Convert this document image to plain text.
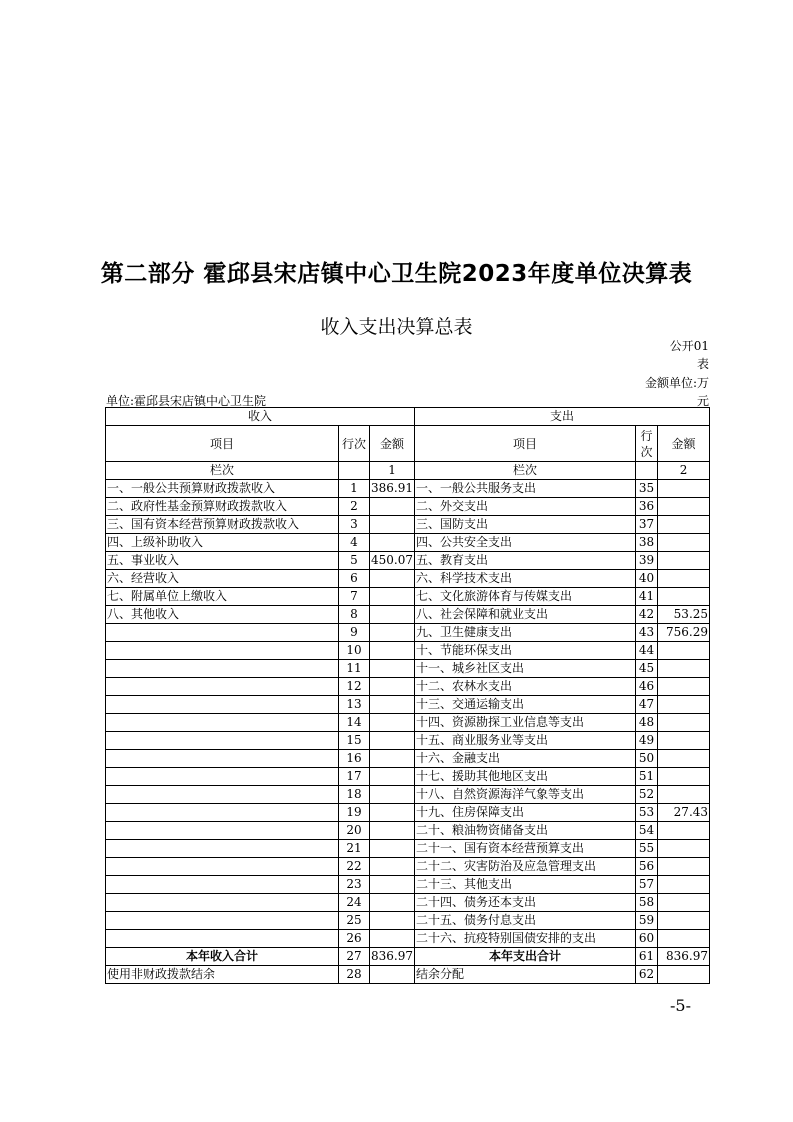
第二部分 霍邱县宋店镇中心卫生院2023年度单位决算表
收入支出决算总表
公开01
表
金额单位:万
元
单位:霍邱县宋店镇中心卫生院
收入			支出		
项目	行次	金额	项目	行次	金额
栏次		1	栏次		2
一、一般公共预算财政拨款收入	1	386.91	一、一般公共服务支出	35	
二、政府性基金预算财政拨款收入	2		二、外交支出	36	
三、国有资本经营预算财政拨款收入	3		三、国防支出	37	
四、上级补助收入	4		四、公共安全支出	38	
五、事业收入	5	450.07	五、教育支出	39	
六、经营收入	6		六、科学技术支出	40	
七、附属单位上缴收入	7		七、文化旅游体育与传媒支出	41	
八、其他收入	8		八、社会保障和就业支出	42	53.25
	9		九、卫生健康支出	43	756.29
	10		十、节能环保支出	44	
	11		十一、城乡社区支出	45	
	12		十二、农林水支出	46	
	13		十三、交通运输支出	47	
	14		十四、资源勘探工业信息等支出	48	
	15		十五、商业服务业等支出	49	
	16		十六、金融支出	50	
	17		十七、援助其他地区支出	51	
	18		十八、自然资源海洋气象等支出	52	
	19		十九、住房保障支出	53	27.43
	20		二十、粮油物资储备支出	54	
	21		二十一、国有资本经营预算支出	55	
	22		二十二、灾害防治及应急管理支出	56	
	23		二十三、其他支出	57	
	24		二十四、债务还本支出	58	
	25		二十五、债务付息支出	59	
	26		二十六、抗疫特别国债安排的支出	60	
本年收入合计	27	836.97	本年支出合计	61	836.97
使用非财政拨款结余	28		结余分配	62	
-5-
